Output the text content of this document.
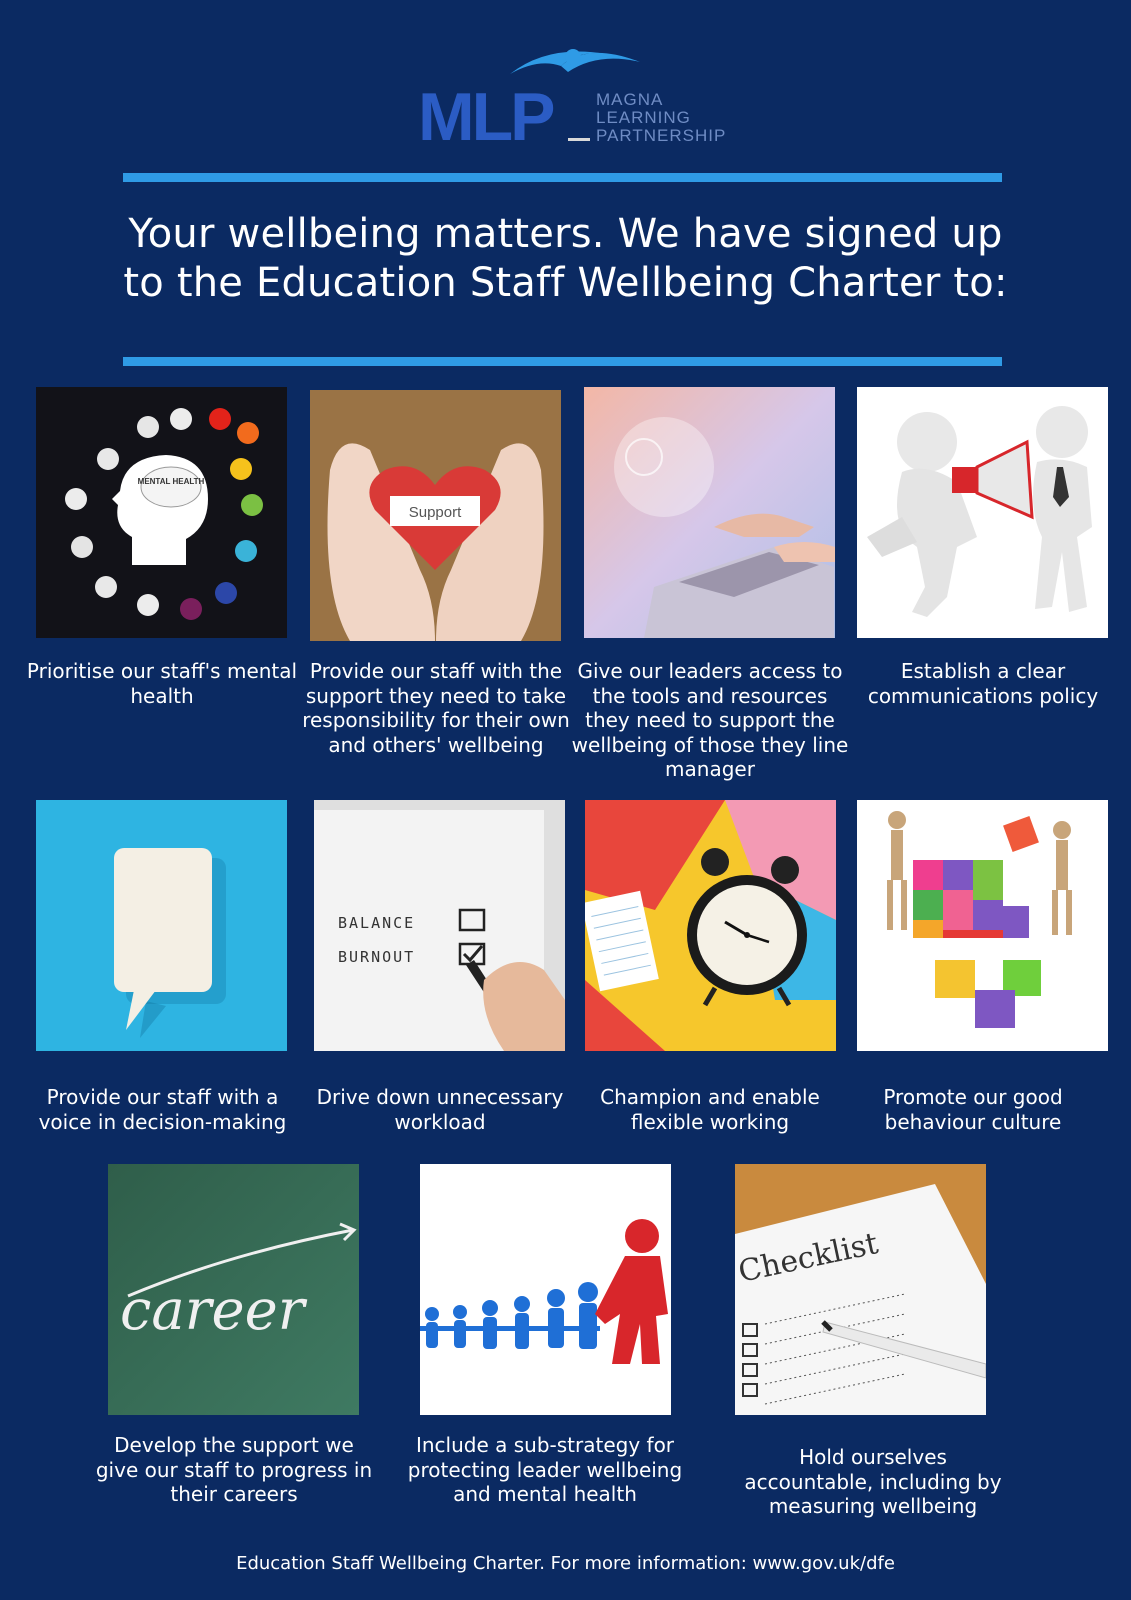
MLP	MAGNA
LEARNING
PARTNERSHIP
Your wellbeing matters. We have signed up
to the Education Staff Wellbeing Charter to:
MENTAL HEALTH
Prioritise our staff's mental health
Support
Provide our staff with the support they need to take responsibility for their own and others' wellbeing
Give our leaders access to the tools and resources they need to support the wellbeing of those they line manager
Establish a clear communications policy
Provide our staff with a voice in decision-making
BALANCE
BURNOUT
Drive down unnecessary workload
Champion and enable flexible working
Promote our good behaviour culture
career
Develop the support we give our staff to progress in their careers
Include a sub-strategy for protecting leader wellbeing and mental health
Checklist
Hold ourselves accountable, including by measuring wellbeing
Education Staff Wellbeing Charter. For more information: www.gov.uk/dfe
